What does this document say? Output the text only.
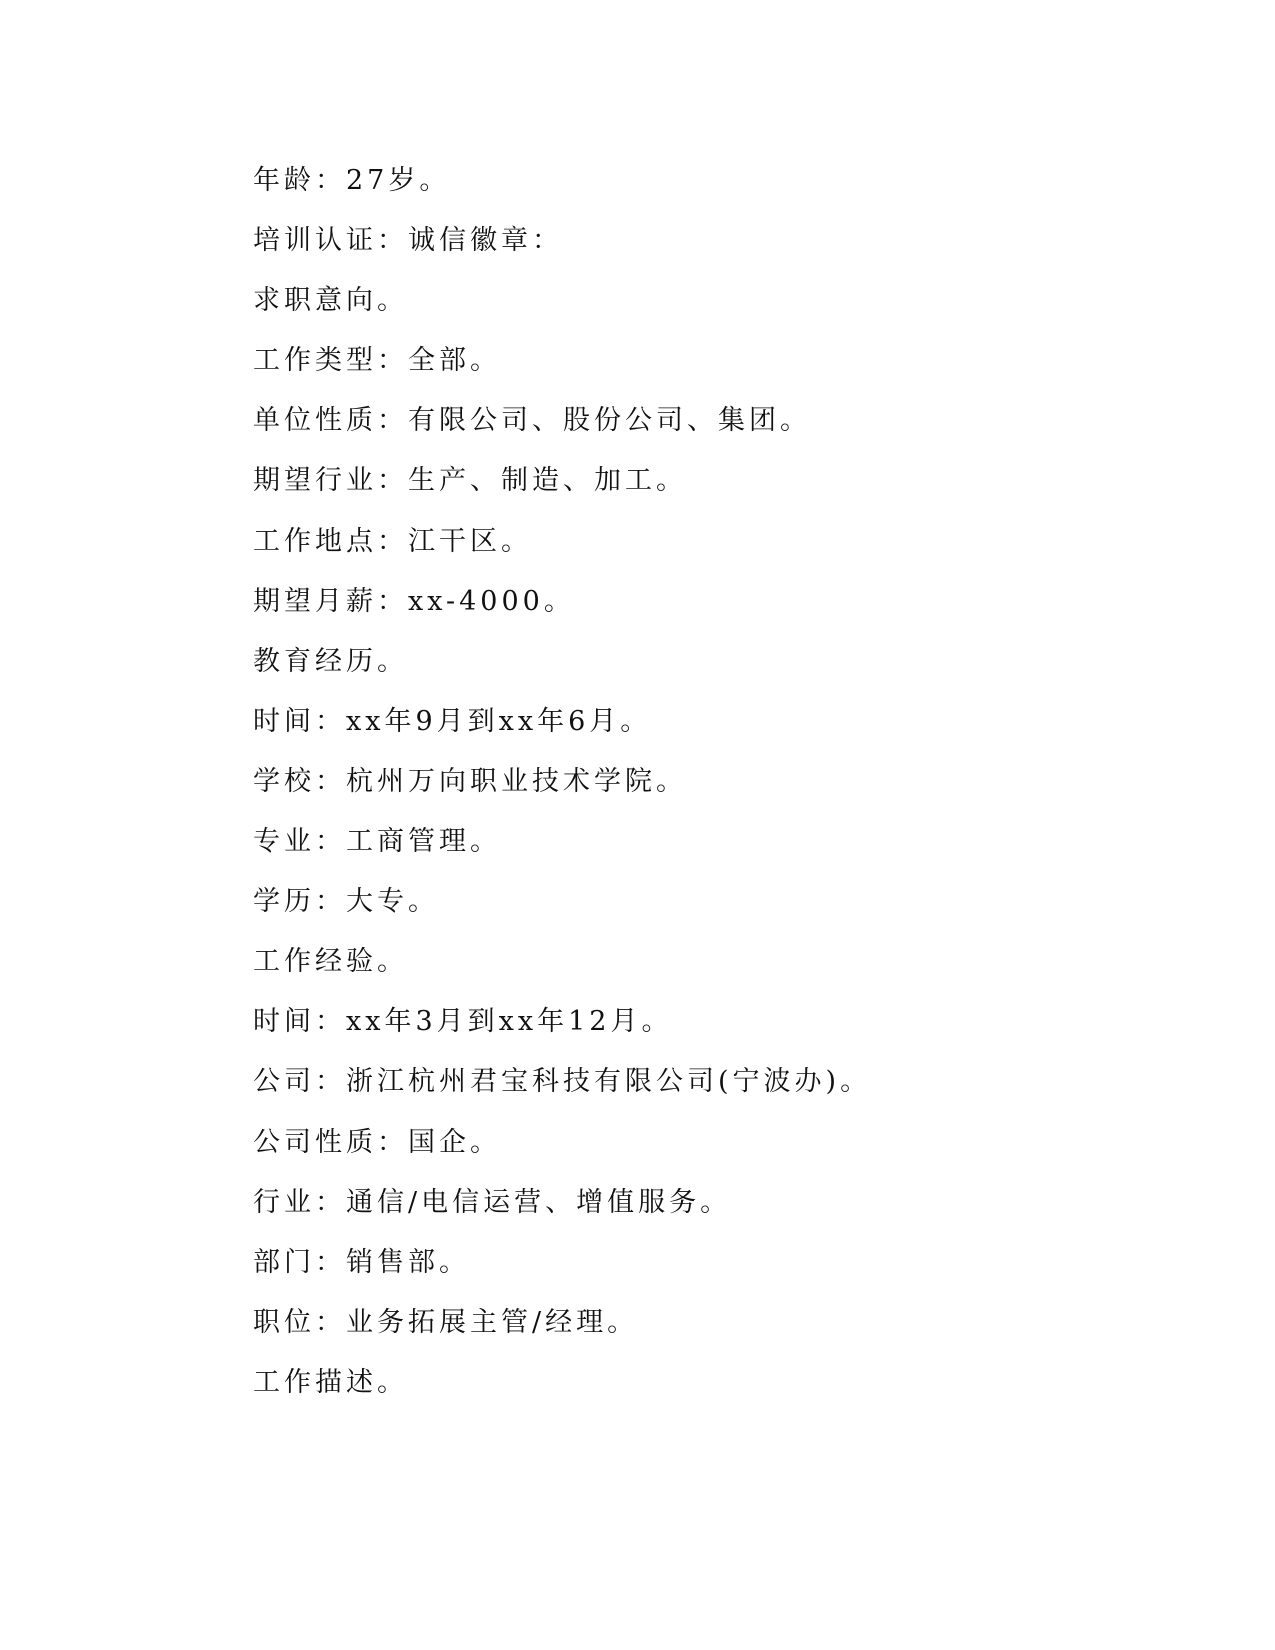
年龄：27岁。
培训认证：诚信徽章：
求职意向。
工作类型：全部。
单位性质：有限公司、股份公司、集团。
期望行业：生产、制造、加工。
工作地点：江干区。
期望月薪：xx-4000。
教育经历。
时间：xx年9月到xx年6月。
学校：杭州万向职业技术学院。
专业：工商管理。
学历：大专。
工作经验。
时间：xx年3月到xx年12月。
公司：浙江杭州君宝科技有限公司(宁波办)。
公司性质：国企。
行业：通信/电信运营、增值服务。
部门：销售部。
职位：业务拓展主管/经理。
工作描述。
